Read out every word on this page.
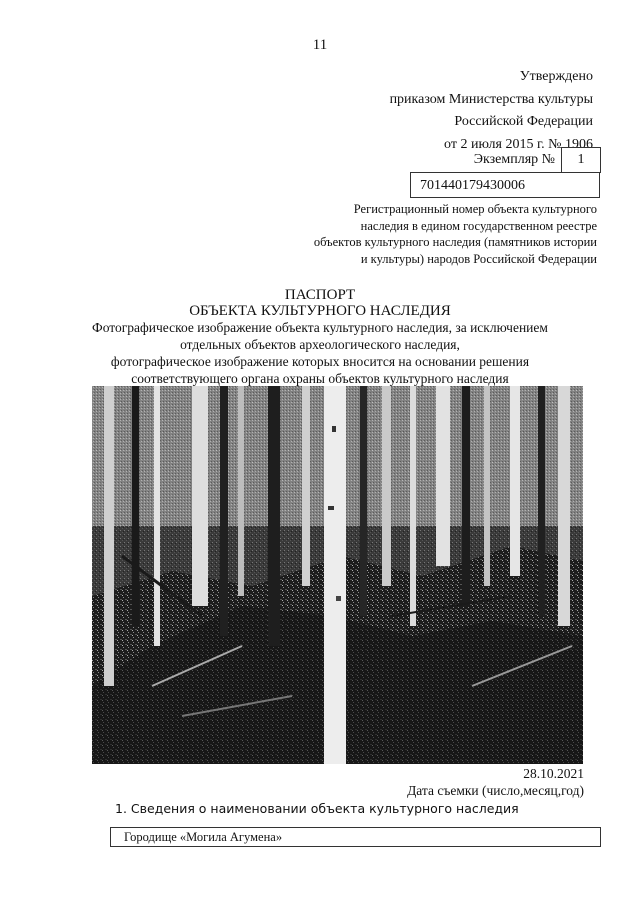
11
Утверждено
приказом Министерства культуры
Российской Федерации
от 2 июля 2015 г. № 1906
Экземпляр №	1
701440179430006
Регистрационный номер объекта культурного
наследия в едином государственном реестре
объектов культурного наследия (памятников истории
и культуры) народов Российской Федерации
ПАСПОРТ
ОБЪЕКТА КУЛЬТУРНОГО НАСЛЕДИЯ
Фотографическое изображение объекта культурного наследия, за исключением
отдельных объектов археологического наследия,
фотографическое изображение которых вносится на основании решения
соответствующего органа охраны объектов культурного наследия
28.10.2021
Дата съемки (число,месяц,год)
1. Сведения о наименовании объекта культурного наследия
Городище «Могила Агумена»
